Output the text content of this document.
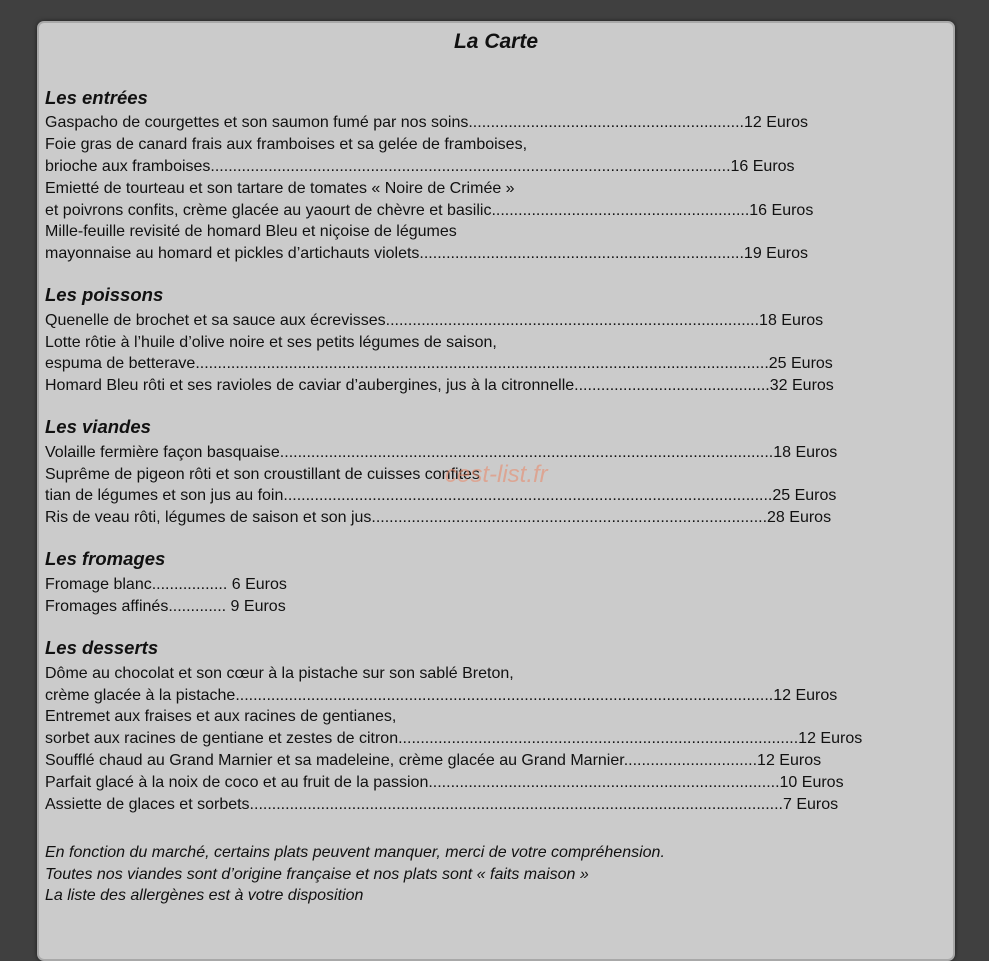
La Carte
Les entrées
Gaspacho de courgettes et son saumon fumé par nos soins..............................................................12 Euros
Foie gras de canard frais aux framboises et sa gelée de framboises,
brioche aux framboises.....................................................................................................................16 Euros
Emietté de tourteau et son tartare de tomates « Noire de Crimée »
et poivrons confits, crème glacée au yaourt de chèvre et basilic..........................................................16 Euros
Mille-feuille revisité de homard Bleu et niçoise de légumes
mayonnaise au homard et pickles d’artichauts violets.........................................................................19 Euros
Les poissons
Quenelle de brochet et sa sauce aux écrevisses....................................................................................18 Euros
Lotte rôtie à l’huile d’olive noire et ses petits légumes de saison,
espuma de betterave.................................................................................................................................25 Euros
Homard Bleu rôti et ses ravioles de caviar d’aubergines, jus à la citronnelle............................................32 Euros
Les viandes
Volaille fermière façon basquaise...............................................................................................................18 Euros
Suprême de pigeon rôti et son croustillant de cuisses confites
tian de légumes et son jus au foin..............................................................................................................25 Euros
Ris de veau rôti, légumes de saison et son jus.........................................................................................28 Euros
Les fromages
Fromage blanc................. 6 Euros
Fromages affinés............. 9 Euros
Les desserts
Dôme au chocolat et son cœur à la pistache sur son sablé Breton,
crème glacée à la pistache.........................................................................................................................12 Euros
Entremet aux fraises et aux racines de gentianes,
sorbet aux racines de gentiane et zestes de citron..........................................................................................12 Euros
Soufflé chaud au Grand Marnier et sa madeleine, crème glacée au Grand Marnier..............................12 Euros
Parfait glacé à la noix de coco et au fruit de la passion...............................................................................10 Euros
Assiette de glaces et sorbets........................................................................................................................7 Euros
En fonction du marché, certains plats peuvent manquer, merci de votre compréhension.
Toutes nos viandes sont d’origine française et nos plats sont « faits maison »
La liste des allergènes est à votre disposition
cest-list.fr
